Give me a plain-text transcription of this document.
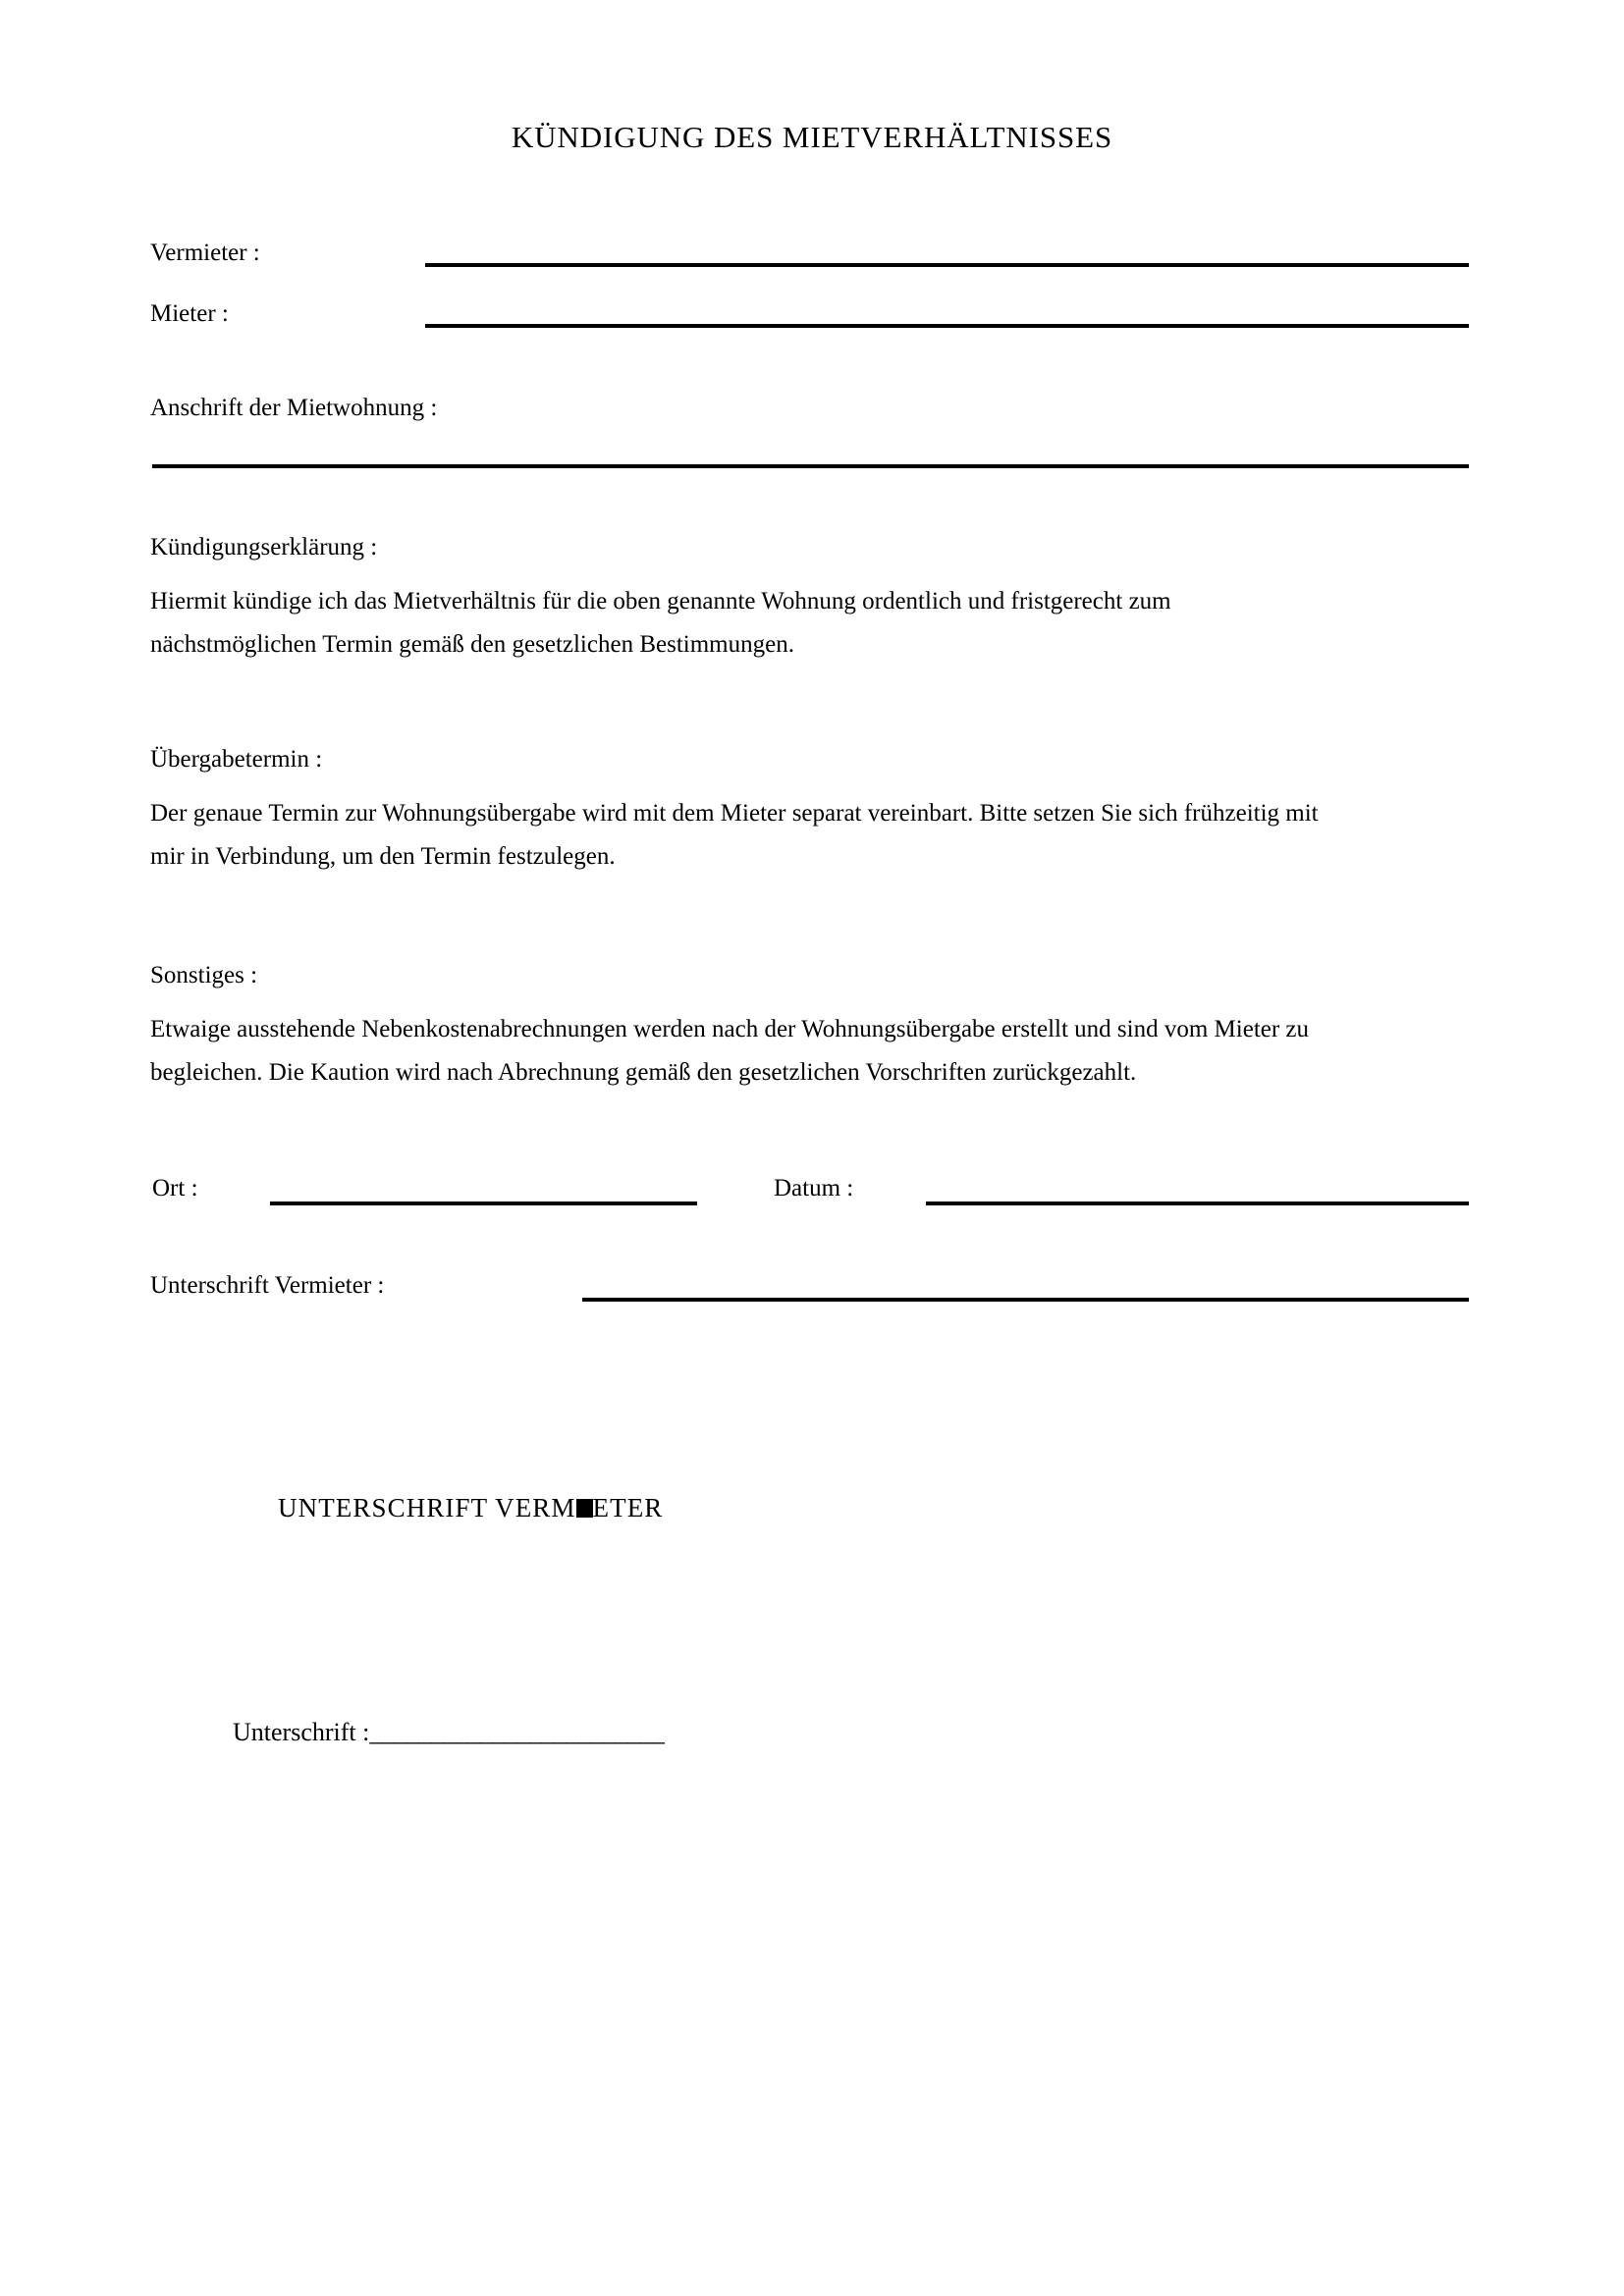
KÜNDIGUNG DES MIETVERHÄLTNISSES
Vermieter :
Mieter :
Anschrift der Mietwohnung :
Kündigungserklärung :
Hiermit kündige ich das Mietverhältnis für die oben genannte Wohnung ordentlich und fristgerecht zum
nächstmöglichen Termin gemäß den gesetzlichen Bestimmungen.
Übergabetermin :
Der genaue Termin zur Wohnungsübergabe wird mit dem Mieter separat vereinbart. Bitte setzen Sie sich frühzeitig mit
mir in Verbindung, um den Termin festzulegen.
Sonstiges :
Etwaige ausstehende Nebenkostenabrechnungen werden nach der Wohnungsübergabe erstellt und sind vom Mieter zu
begleichen. Die Kaution wird nach Abrechnung gemäß den gesetzlichen Vorschriften zurückgezahlt.
Ort :	Datum :
Unterschrift Vermieter :
UNTERSCHRIFT VERM ETER
Unterschrift :________________________
